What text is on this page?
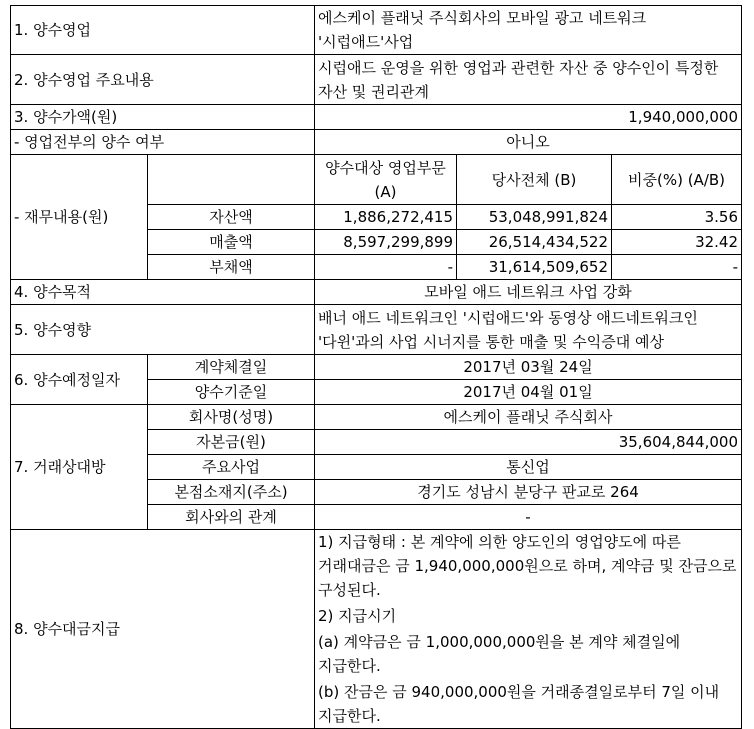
1. 양수영업		에스케이 플래닛 주식회사의 모바일 광고 네트워크 '시럽애드'사업		
2. 양수영업 주요내용		시럽애드 운영을 위한 영업과 관련한 자산 중 양수인이 특정한 자산 및 권리관계		
3. 양수가액(원)		1,940,000,000		
- 영업전부의 양수 여부		아니오		
- 재무내용(원)		양수대상 영업부문(A)	당사전체 (B)	비중(%) (A/B)
	자산액	1,886,272,415	53,048,991,824	3.56
	매출액	8,597,299,899	26,514,434,522	32.42
	부채액	-	31,614,509,652	-
4. 양수목적		모바일 애드 네트워크 사업 강화		
5. 양수영향		배너 애드 네트워크인 '시럽애드'와 동영상 애드네트워크인 '다윈'과의 사업 시너지를 통한 매출 및 수익증대 예상		
6. 양수예정일자	계약체결일	2017년 03월 24일		
	양수기준일	2017년 04월 01일		
7. 거래상대방	회사명(성명)	에스케이 플래닛 주식회사		
	자본금(원)	35,604,844,000		
	주요사업	통신업		
	본점소재지(주소)	경기도 성남시 분당구 판교로 264		
	회사와의 관계	-		
8. 양수대금지급		1) 지급형태 : 본 계약에 의한 양도인의 영업양도에 따른 거래대금은 금 1,940,000,000원으로 하며, 계약금 및 잔금으로 구성된다.

2) 지급시기

(a) 계약금은 금 1,000,000,000원을 본 계약 체결일에 지급한다.

(b) 잔금은 금 940,000,000원을 거래종결일로부터 7일 이내 지급한다.		
